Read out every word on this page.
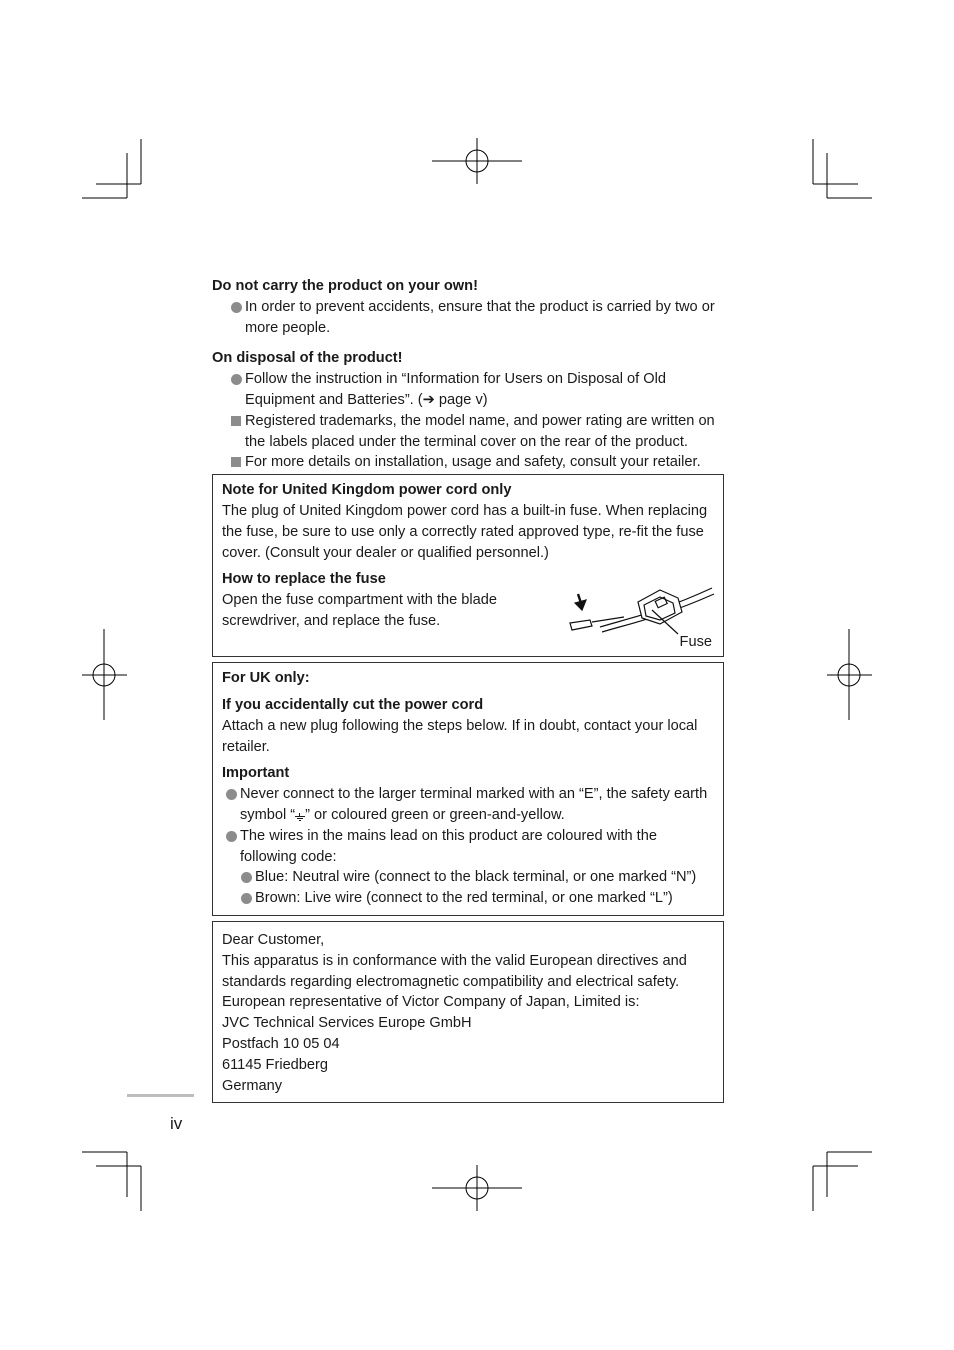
Do not carry the product on your own!
In order to prevent accidents, ensure that the product is carried by two or more people.
On disposal of the product!
Follow the instruction in “Information for Users on Disposal of Old Equipment and Batteries”. (➔ page v)
Registered trademarks, the model name, and power rating are written on the labels placed under the terminal cover on the rear of the product.
For more details on installation, usage and safety, consult your retailer.
Note for United Kingdom power cord only
The plug of United Kingdom power cord has a built-in fuse. When replacing the fuse, be sure to use only a correctly rated approved type, re-fit the fuse cover. (Consult your dealer or qualified personnel.)
How to replace the fuse
Open the fuse compartment with the blade screwdriver, and replace the fuse.
Fuse
For UK only:
If you accidentally cut the power cord
Attach a new plug following the steps below. If in doubt, contact your local retailer.
Important
Never connect to the larger terminal marked with an “E”, the safety earth symbol “ ” or coloured green or green-and-yellow.
The wires in the mains lead on this product are coloured with the following code:
Blue: Neutral wire (connect to the black terminal, or one marked “N”)
Brown: Live wire (connect to the red terminal, or one marked “L”)
Dear Customer,
This apparatus is in conformance with the valid European directives and standards regarding electromagnetic compatibility and electrical safety.
European representative of Victor Company of Japan, Limited is:
JVC Technical Services Europe GmbH
Postfach 10 05 04
61145 Friedberg
Germany
iv
